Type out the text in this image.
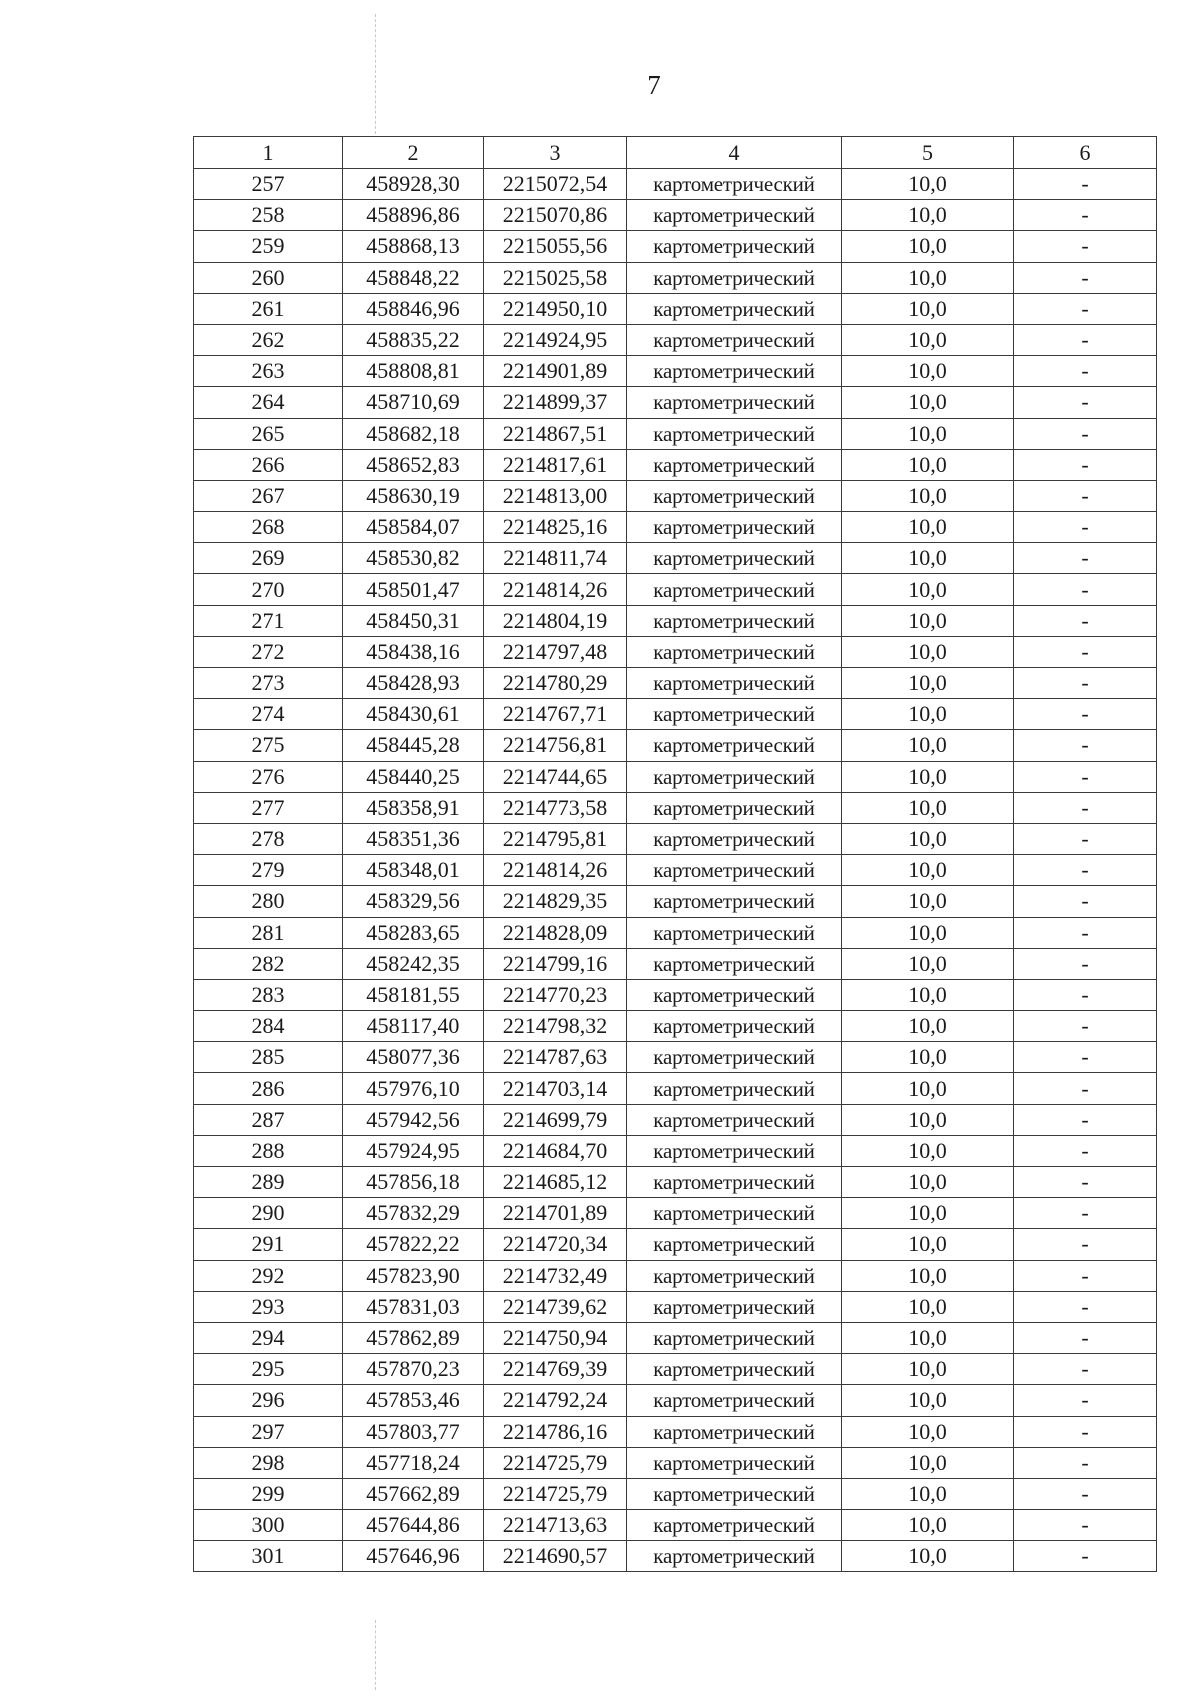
7
1	2	3	4	5	6
257	458928,30	2215072,54	картометрический	10,0	-
258	458896,86	2215070,86	картометрический	10,0	-
259	458868,13	2215055,56	картометрический	10,0	-
260	458848,22	2215025,58	картометрический	10,0	-
261	458846,96	2214950,10	картометрический	10,0	-
262	458835,22	2214924,95	картометрический	10,0	-
263	458808,81	2214901,89	картометрический	10,0	-
264	458710,69	2214899,37	картометрический	10,0	-
265	458682,18	2214867,51	картометрический	10,0	-
266	458652,83	2214817,61	картометрический	10,0	-
267	458630,19	2214813,00	картометрический	10,0	-
268	458584,07	2214825,16	картометрический	10,0	-
269	458530,82	2214811,74	картометрический	10,0	-
270	458501,47	2214814,26	картометрический	10,0	-
271	458450,31	2214804,19	картометрический	10,0	-
272	458438,16	2214797,48	картометрический	10,0	-
273	458428,93	2214780,29	картометрический	10,0	-
274	458430,61	2214767,71	картометрический	10,0	-
275	458445,28	2214756,81	картометрический	10,0	-
276	458440,25	2214744,65	картометрический	10,0	-
277	458358,91	2214773,58	картометрический	10,0	-
278	458351,36	2214795,81	картометрический	10,0	-
279	458348,01	2214814,26	картометрический	10,0	-
280	458329,56	2214829,35	картометрический	10,0	-
281	458283,65	2214828,09	картометрический	10,0	-
282	458242,35	2214799,16	картометрический	10,0	-
283	458181,55	2214770,23	картометрический	10,0	-
284	458117,40	2214798,32	картометрический	10,0	-
285	458077,36	2214787,63	картометрический	10,0	-
286	457976,10	2214703,14	картометрический	10,0	-
287	457942,56	2214699,79	картометрический	10,0	-
288	457924,95	2214684,70	картометрический	10,0	-
289	457856,18	2214685,12	картометрический	10,0	-
290	457832,29	2214701,89	картометрический	10,0	-
291	457822,22	2214720,34	картометрический	10,0	-
292	457823,90	2214732,49	картометрический	10,0	-
293	457831,03	2214739,62	картометрический	10,0	-
294	457862,89	2214750,94	картометрический	10,0	-
295	457870,23	2214769,39	картометрический	10,0	-
296	457853,46	2214792,24	картометрический	10,0	-
297	457803,77	2214786,16	картометрический	10,0	-
298	457718,24	2214725,79	картометрический	10,0	-
299	457662,89	2214725,79	картометрический	10,0	-
300	457644,86	2214713,63	картометрический	10,0	-
301	457646,96	2214690,57	картометрический	10,0	-
